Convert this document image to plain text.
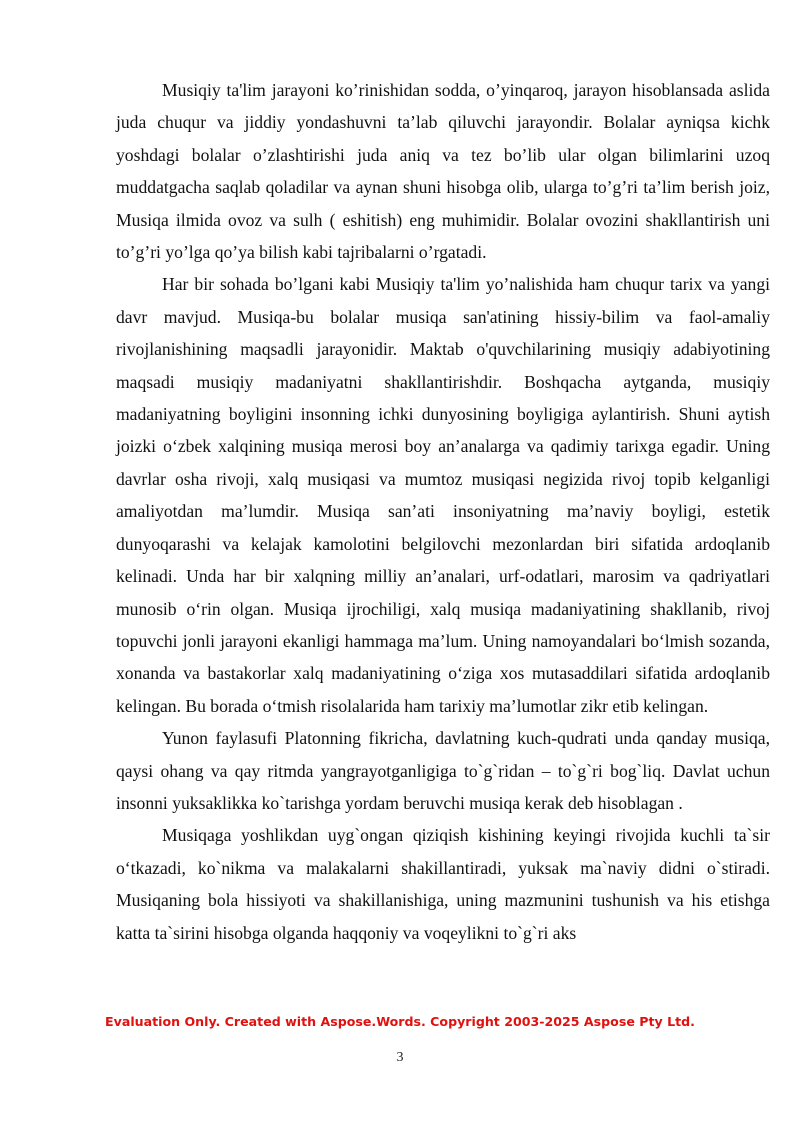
Musiqiy ta'lim jarayoni ko’rinishidan sodda, o’yinqaroq, jarayon hisoblansada aslida juda chuqur va jiddiy yondashuvni ta’lab qiluvchi jarayondir. Bolalar ayniqsa kichk yoshdagi bolalar o’zlashtirishi juda aniq va tez bo’lib ular olgan bilimlarini uzoq muddatgacha saqlab qoladilar va aynan shuni hisobga olib, ularga to’g’ri ta’lim berish joiz, Musiqa ilmida ovoz va sulh ( eshitish) eng muhimidir. Bolalar ovozini shakllantirish uni to’g’ri yo’lga qo’ya bilish kabi tajribalarni o’rgatadi.

Har bir sohada bo’lgani kabi Musiqiy ta'lim yo’nalishida ham chuqur tarix va yangi davr mavjud. Musiqa-bu bolalar musiqa san'atining hissiy-bilim va faol-amaliy rivojlanishining maqsadli jarayonidir. Maktab o'quvchilarining musiqiy adabiyotining maqsadi musiqiy madaniyatni shakllantirishdir. Boshqacha aytganda, musiqiy madaniyatning boyligini insonning ichki dunyosining boyligiga aylantirish. Shuni aytish joizki o‘zbek xalqining musiqa merosi boy an’analarga va qadimiy tarixga egadir. Uning davrlar osha rivoji, xalq musiqasi va mumtoz musiqasi negizida rivoj topib kelganligi amaliyotdan ma’lumdir. Musiqa san’ati insoniyatning ma’naviy boyligi, estetik dunyoqarashi va kelajak kamolotini belgilovchi mezonlardan biri sifatida ardoqlanib kelinadi. Unda har bir xalqning milliy an’analari, urf-odatlari, marosim va qadriyatlari munosib o‘rin olgan. Musiqa ijrochiligi, xalq musiqa madaniyatining shakllanib, rivoj topuvchi jonli jarayoni ekanligi hammaga ma’lum. Uning namoyandalari bo‘lmish sozanda, xonanda va bastakorlar xalq madaniyatining o‘ziga xos mutasaddilari sifatida ardoqlanib kelingan. Bu borada o‘tmish risolalarida ham tarixiy ma’lumotlar zikr etib kelingan.

Yunon faylasufi Platonning fikricha, davlatning kuch-qudrati unda qanday musiqa, qaysi ohang va qay ritmda yangrayotganligiga to`g`ridan – to`g`ri bog`liq. Davlat uchun insonni yuksaklikka ko`tarishga yordam beruvchi musiqa kerak deb hisoblagan .

Musiqaga yoshlikdan uyg`ongan qiziqish kishining keyingi rivojida kuchli ta`sir o‘tkazadi, ko`nikma va malakalarni shakillantiradi, yuksak ma`naviy didni o`stiradi. Musiqaning bola hissiyoti va shakillanishiga, uning mazmunini tushunish va his etishga katta ta`sirini hisobga olganda haqqoniy va voqeylikni to`g`ri aks

Evaluation Only. Created with Aspose.Words. Copyright 2003-2025 Aspose Pty Ltd.
3
